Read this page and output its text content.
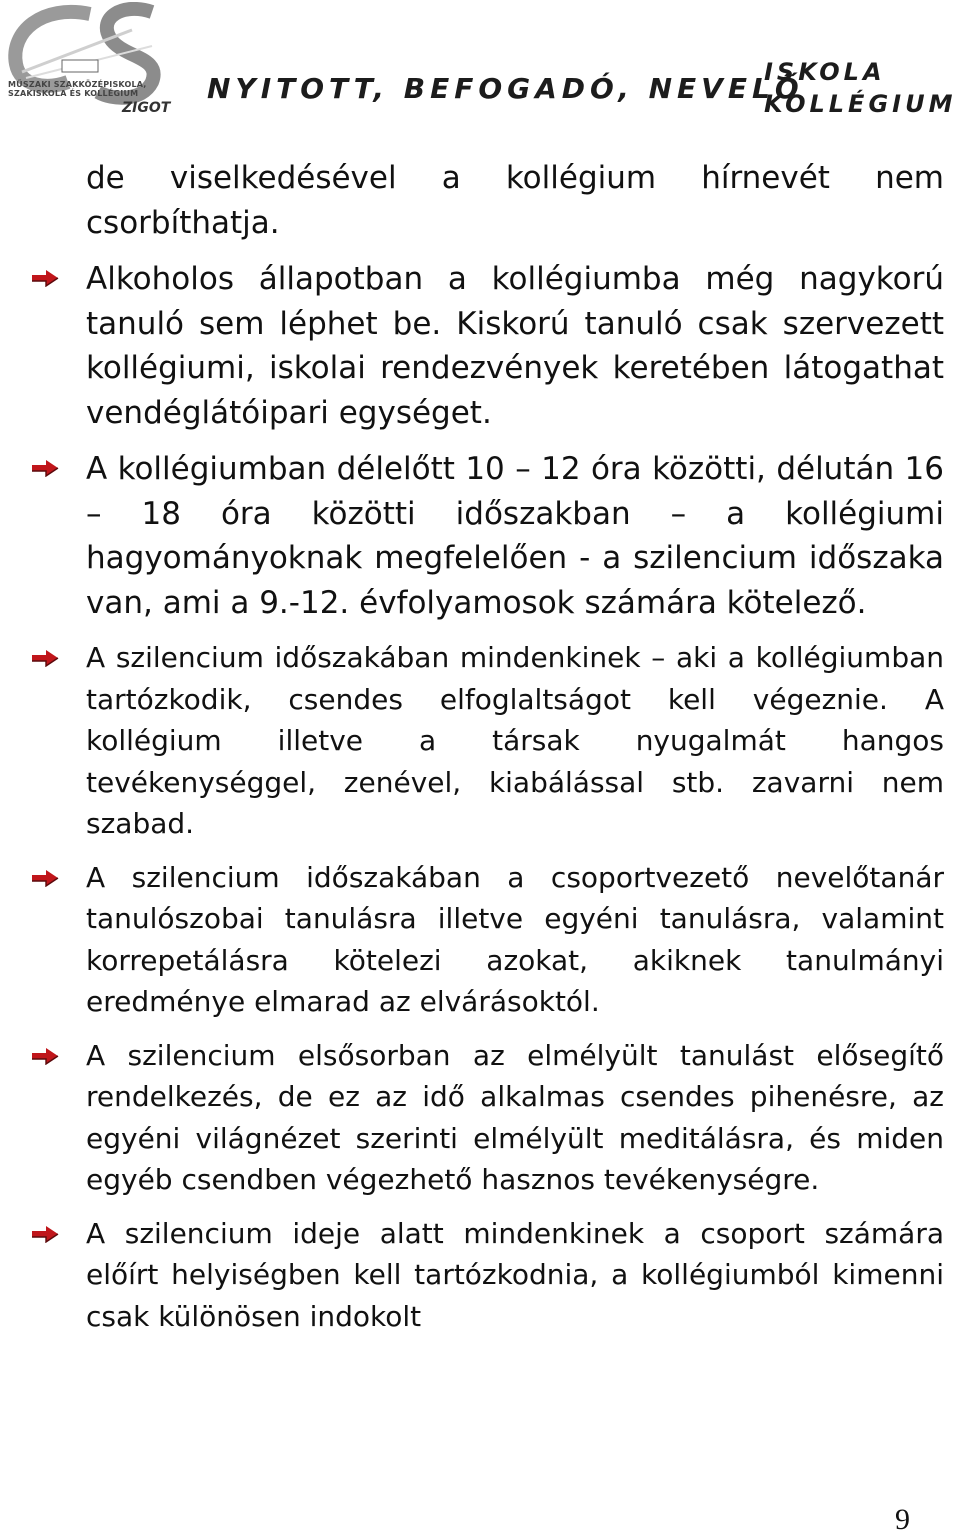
MŰSZAKI SZAKKÖZÉPISKOLA,
SZAKISKOLA ÉS KOLLÉGIUM
ZIGOT
NYITOTT, BEFOGADÓ, NEVELŐ
ISKOLA
KOLLÉGIUM
de viselkedésével a kollégium hírnevét nem csorbíthatja.
Alkoholos állapotban a kollégiumba még nagykorú tanuló sem léphet be. Kiskorú tanuló csak szervezett kollégiumi, iskolai rendezvények keretében látogathat vendéglátóipari egységet.
A kollégiumban délelőtt 10 – 12 óra közötti, délután 16 – 18 óra közötti időszakban – a kollégiumi hagyományoknak megfelelően - a szilencium időszaka van, ami a 9.-12. évfolyamosok számára kötelező.
A szilencium időszakában mindenkinek – aki a kollégiumban tartózkodik, csendes elfoglaltságot kell végeznie. A kollégium illetve a társak nyugalmát hangos tevékenységgel, zenével, kiabálással stb. zavarni nem szabad.
A szilencium időszakában a csoportvezető nevelőtanár tanulószobai tanulásra illetve egyéni tanulásra, valamint korrepetálásra kötelezi azokat, akiknek tanulmányi eredménye elmarad az elvárásoktól.
A szilencium elsősorban az elmélyült tanulást elősegítő rendelkezés, de ez az idő alkalmas csendes pihenésre, az egyéni világnézet szerinti elmélyült meditálásra, és miden egyéb csendben végezhető hasznos tevékenységre.
A szilencium ideje alatt mindenkinek a csoport számára előírt helyiségben kell tartózkodnia, a kollégiumból kimenni csak különösen indokolt
9
